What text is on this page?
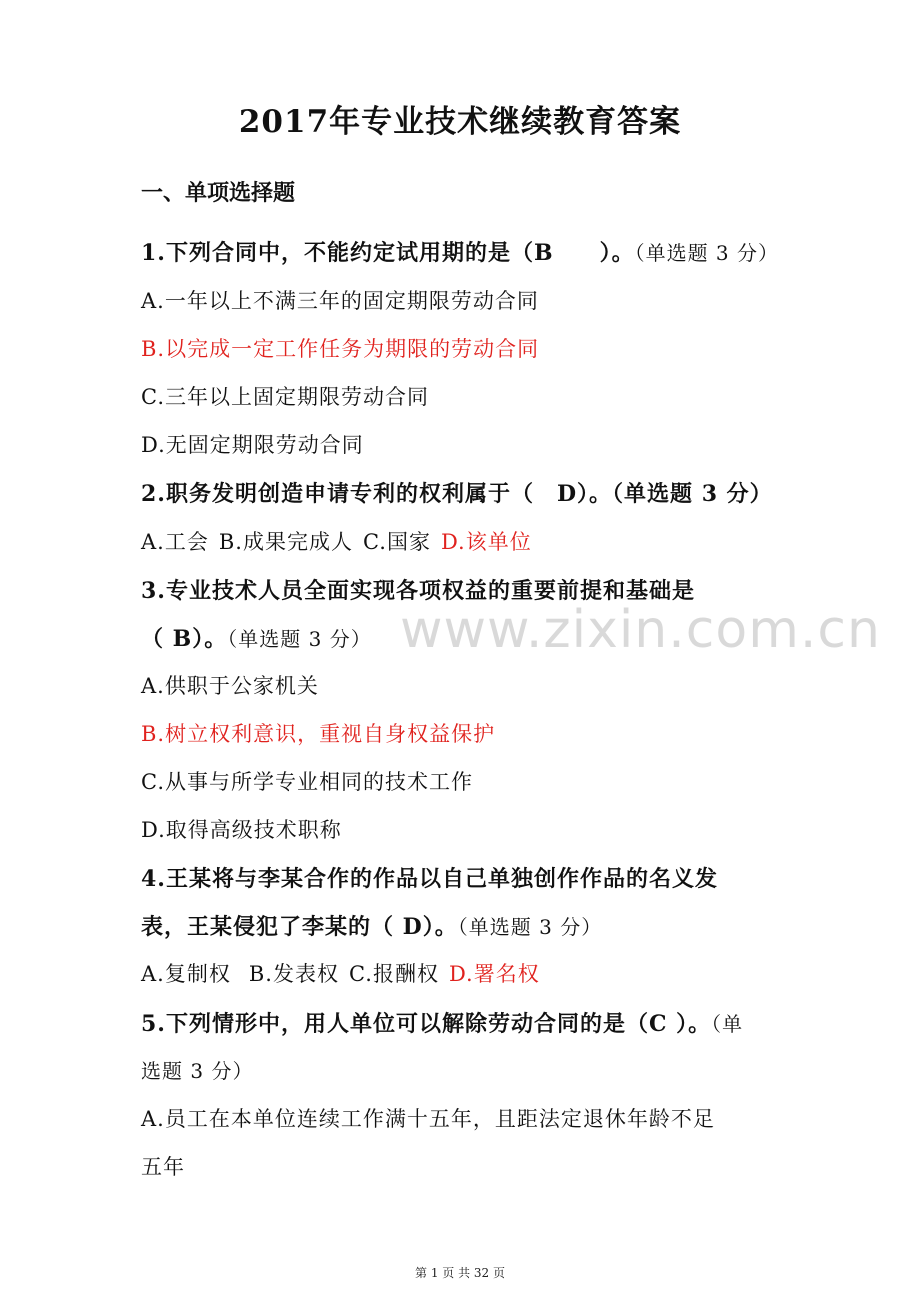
2017年专业技术继续教育答案
一、单项选择题
1.下列合同中，不能约定试用期的是（B　　）。（单选题 3 分）
A.一年以上不满三年的固定期限劳动合同
B.以完成一定工作任务为期限的劳动合同
C.三年以上固定期限劳动合同
D.无固定期限劳动合同
2.职务发明创造申请专利的权利属于（　D）。（单选题 3 分）
A.工会 B.成果完成人 C.国家 D.该单位
3.专业技术人员全面实现各项权益的重要前提和基础是
（ B）。（单选题 3 分）
A.供职于公家机关
B.树立权利意识，重视自身权益保护
C.从事与所学专业相同的技术工作
D.取得高级技术职称
4.王某将与李某合作的作品以自己单独创作作品的名义发
表，王某侵犯了李某的（ D）。（单选题 3 分）
A.复制权 B.发表权 C.报酬权 D.署名权
5.下列情形中，用人单位可以解除劳动合同的是（C ）。（单
选题 3 分）
A.员工在本单位连续工作满十五年，且距法定退休年龄不足
五年
www.zixin.com.cn
第 1 页 共 32 页
